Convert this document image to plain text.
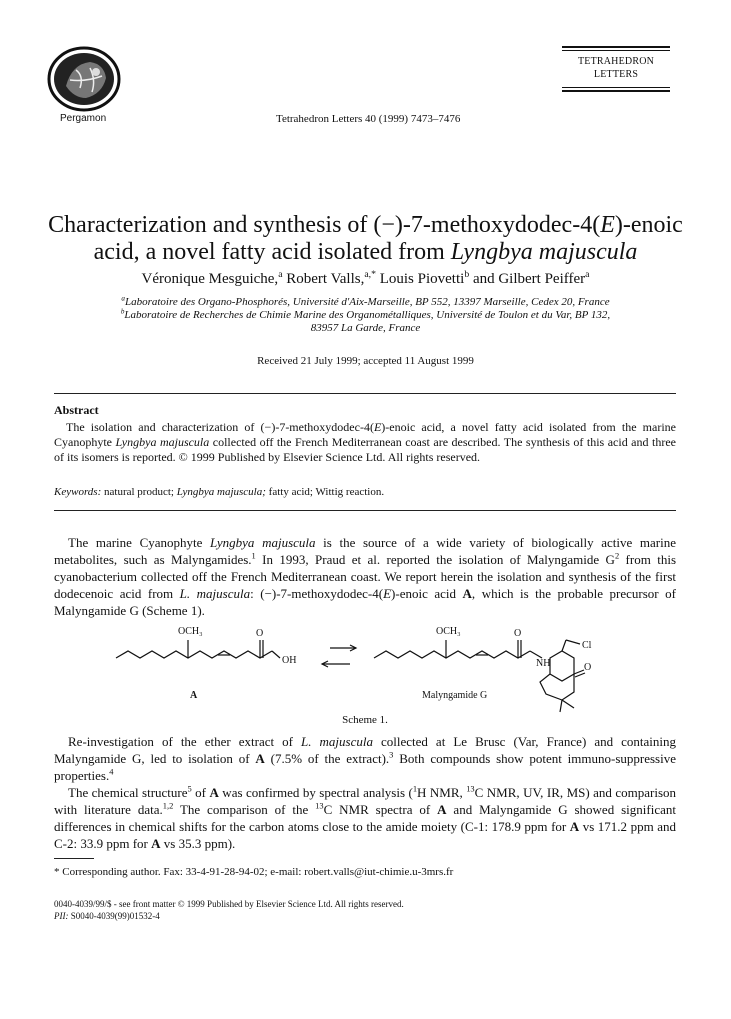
Pergamon	Tetrahedron Letters 40 (1999) 7473–7476
TETRAHEDRON
LETTERS
Characterization and synthesis of (−)-7-methoxydodec-4(E)-enoic
acid, a novel fatty acid isolated from Lyngbya majuscula
Véronique Mesguiche,$^a$ Robert Valls,$^{a,*}$ Louis Piovetti$^b$ and Gilbert Peiffer$^a$
$^a$Laboratoire des Organo-Phosphorés, Université d'Aix-Marseille, BP 552, 13397 Marseille, Cedex 20, France
$^b$Laboratoire de Recherches de Chimie Marine des Organométalliques, Université de Toulon et du Var, BP 132,
83957 La Garde, France
Received 21 July 1999; accepted 11 August 1999
Abstract
The isolation and characterization of (−)-7-methoxydodec-4(E)-enoic acid, a novel fatty acid isolated from the marine Cyanophyte Lyngbya majuscula collected off the French Mediterranean coast are described. The synthesis of this acid and three of its isomers is reported. © 1999 Published by Elsevier Science Ltd. All rights reserved.
Keywords: natural product; Lyngbya majuscula; fatty acid; Wittig reaction.
The marine Cyanophyte Lyngbya majuscula is the source of a wide variety of biologically active marine metabolites, such as Malyngamides.$^1$ In 1993, Praud et al. reported the isolation of Malyngamide $G^2$ from this cyanobacterium collected off the French Mediterranean coast. We report herein the isolation and synthesis of the first dodecenoic acid from L. majuscula: (−)-7-methoxydodec-4(E)-enoic acid A, which is the probable precursor of Malyngamide G (Scheme 1).
OCH₃	O
OH
OCH₃	O
NH
Cl
O
A	Malyngamide G
Scheme 1.
Re-investigation of the ether extract of L. majuscula collected at Le Brusc (Var, France) and containing Malyngamide G, led to isolation of A (7.5% of the extract).$^3$ Both compounds show potent immuno-suppressive properties.$^4$
The chemical structure$^5$ of A was confirmed by spectral analysis ($^1$H NMR, $^{13}$C NMR, UV, IR, MS) and comparison with literature data.$^{1,2}$ The comparison of the $^{13}$C NMR spectra of A and Malyngamide G showed significant differences in chemical shifts for the carbon atoms close to the amide moiety (C-1: 178.9 ppm for A vs 171.2 ppm and C-2: 33.9 ppm for A vs 35.3 ppm).
* Corresponding author. Fax: 33-4-91-28-94-02; e-mail: robert.valls@iut-chimie.u-3mrs.fr
0040-4039/99/$ - see front matter © 1999 Published by Elsevier Science Ltd. All rights reserved.
PII: S0040-4039(99)01532-4
